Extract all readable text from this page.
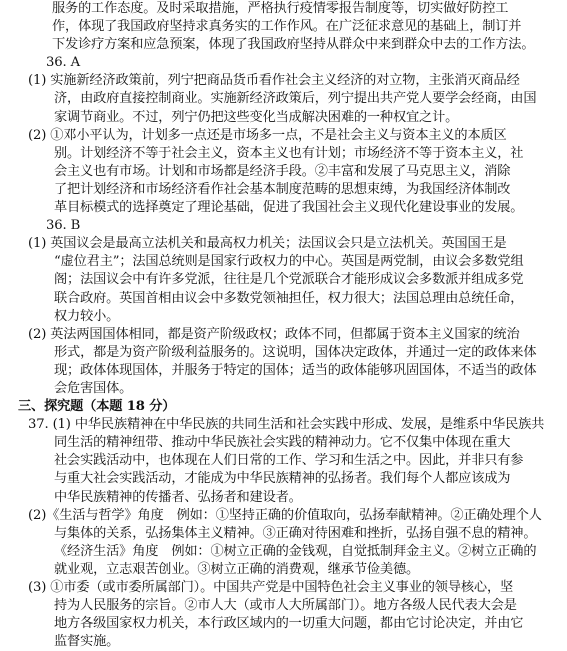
服务的工作态度。及时采取措施，严格执行疫情零报告制度等，切实做好防控工
作，体现了我国政府坚持求真务实的工作作风。在广泛征求意见的基础上，制订并
下发诊疗方案和应急预案，体现了我国政府坚持从群众中来到群众中去的工作方法。
36. A
(1) 实施新经济政策前，列宁把商品货币看作社会主义经济的对立物，主张消灭商品经
济，由政府直接控制商业。实施新经济政策后，列宁提出共产党人要学会经商，由国
家调节商业。不过，列宁仍把这些变化当成解决困难的一种权宜之计。
(2) ①邓小平认为，计划多一点还是市场多一点，不是社会主义与资本主义的本质区
别。计划经济不等于社会主义，资本主义也有计划；市场经济不等于资本主义，社
会主义也有市场。计划和市场都是经济手段。②丰富和发展了马克思主义，消除
了把计划经济和市场经济看作社会基本制度范畴的思想束缚，为我国经济体制改
革目标模式的选择奠定了理论基础，促进了我国社会主义现代化建设事业的发展。
36. B
(1) 英国议会是最高立法机关和最高权力机关；法国议会只是立法机关。英国国王是
“虚位君主”；法国总统则是国家行政权力的中心。英国是两党制，由议会多数党组
阁；法国议会中有许多党派，往往是几个党派联合才能形成议会多数派并组成多党
联合政府。英国首相由议会中多数党领袖担任，权力很大；法国总理由总统任命，
权力较小。
(2) 英法两国国体相同，都是资产阶级政权；政体不同，但都属于资本主义国家的统治
形式，都是为资产阶级利益服务的。这说明，国体决定政体，并通过一定的政体来体
现；政体体现国体，并服务于特定的国体；适当的政体能够巩固国体，不适当的政体
会危害国体。
三、探究题（本题 18 分）
37. (1) 中华民族精神在中华民族的共同生活和社会实践中形成、发展，是维系中华民族共
同生活的精神纽带、推动中华民族社会实践的精神动力。它不仅集中体现在重大
社会实践活动中，也体现在人们日常的工作、学习和生活之中。因此，并非只有参
与重大社会实践活动，才能成为中华民族精神的弘扬者。我们每个人都应该成为
中华民族精神的传播者、弘扬者和建设者。
(2)《生活与哲学》角度　例如：①坚持正确的价值取向，弘扬奉献精神。②正确处理个人
与集体的关系，弘扬集体主义精神。③正确对待困难和挫折，弘扬自强不息的精神。
《经济生活》角度　例如：①树立正确的金钱观，自觉抵制拜金主义。②树立正确的
就业观，立志艰苦创业。③树立正确的消费观，继承节俭美德。
(3) ①市委（或市委所属部门）。中国共产党是中国特色社会主义事业的领导核心，坚
持为人民服务的宗旨。②市人大（或市人大所属部门）。地方各级人民代表大会是
地方各级国家权力机关，本行政区域内的一切重大问题，都由它讨论决定，并由它
监督实施。
